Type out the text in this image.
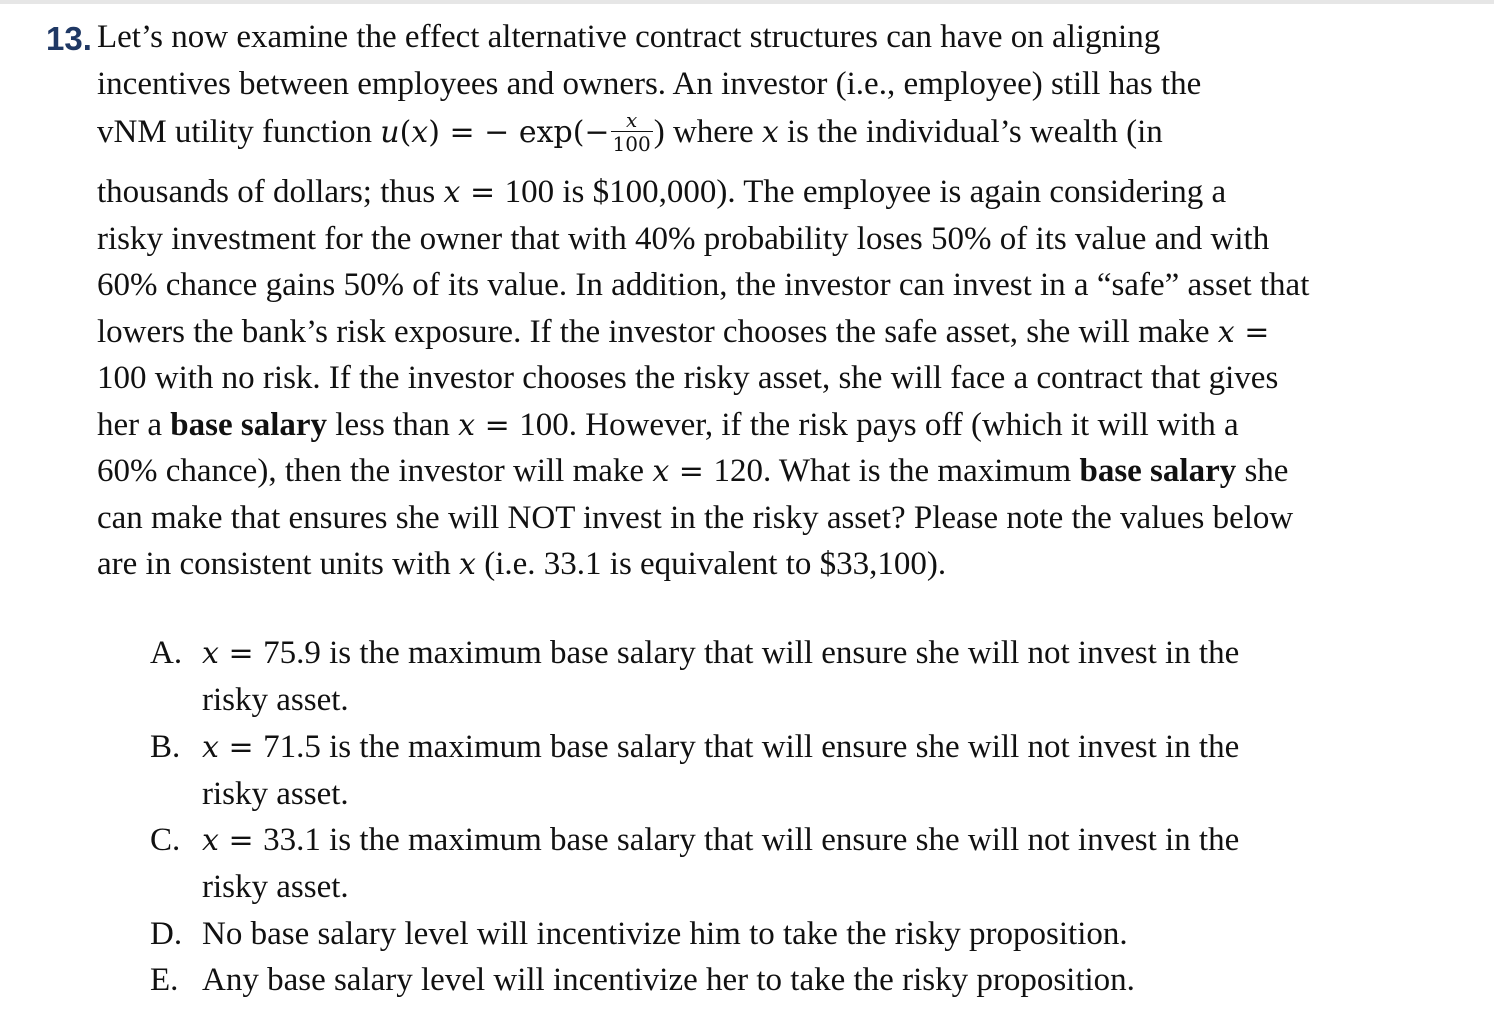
13. Let’s now examine the effect alternative contract structures can have on aligning
incentives between employees and owners. An investor (i.e., employee) still has the
vNM utility function u(x) = − $\exp(- \frac{x}{100}$ ) where x is the individual’s wealth (in
thousands of dollars; thus x = 100 is $100,000). The employee is again considering a
risky investment for the owner that with 40% probability loses 50% of its value and with
60% chance gains 50% of its value. In addition, the investor can invest in a “safe” asset that
lowers the bank’s risk exposure. If the investor chooses the safe asset, she will make x =
100 with no risk. If the investor chooses the risky asset, she will face a contract that gives
her a base salary less than x = 100. However, if the risk pays off (which it will with a
60% chance), then the investor will make x = 120. What is the maximum base salary she
can make that ensures she will NOT invest in the risky asset? Please note the values below
are in consistent units with x (i.e. 33.1 is equivalent to $33,100).
A. x = 75.9 is the maximum base salary that will ensure she will not invest in the
risky asset.
B. x = 71.5 is the maximum base salary that will ensure she will not invest in the
risky asset.
C. x = 33.1 is the maximum base salary that will ensure she will not invest in the
risky asset.
D. No base salary level will incentivize him to take the risky proposition.
E. Any base salary level will incentivize her to take the risky proposition.
